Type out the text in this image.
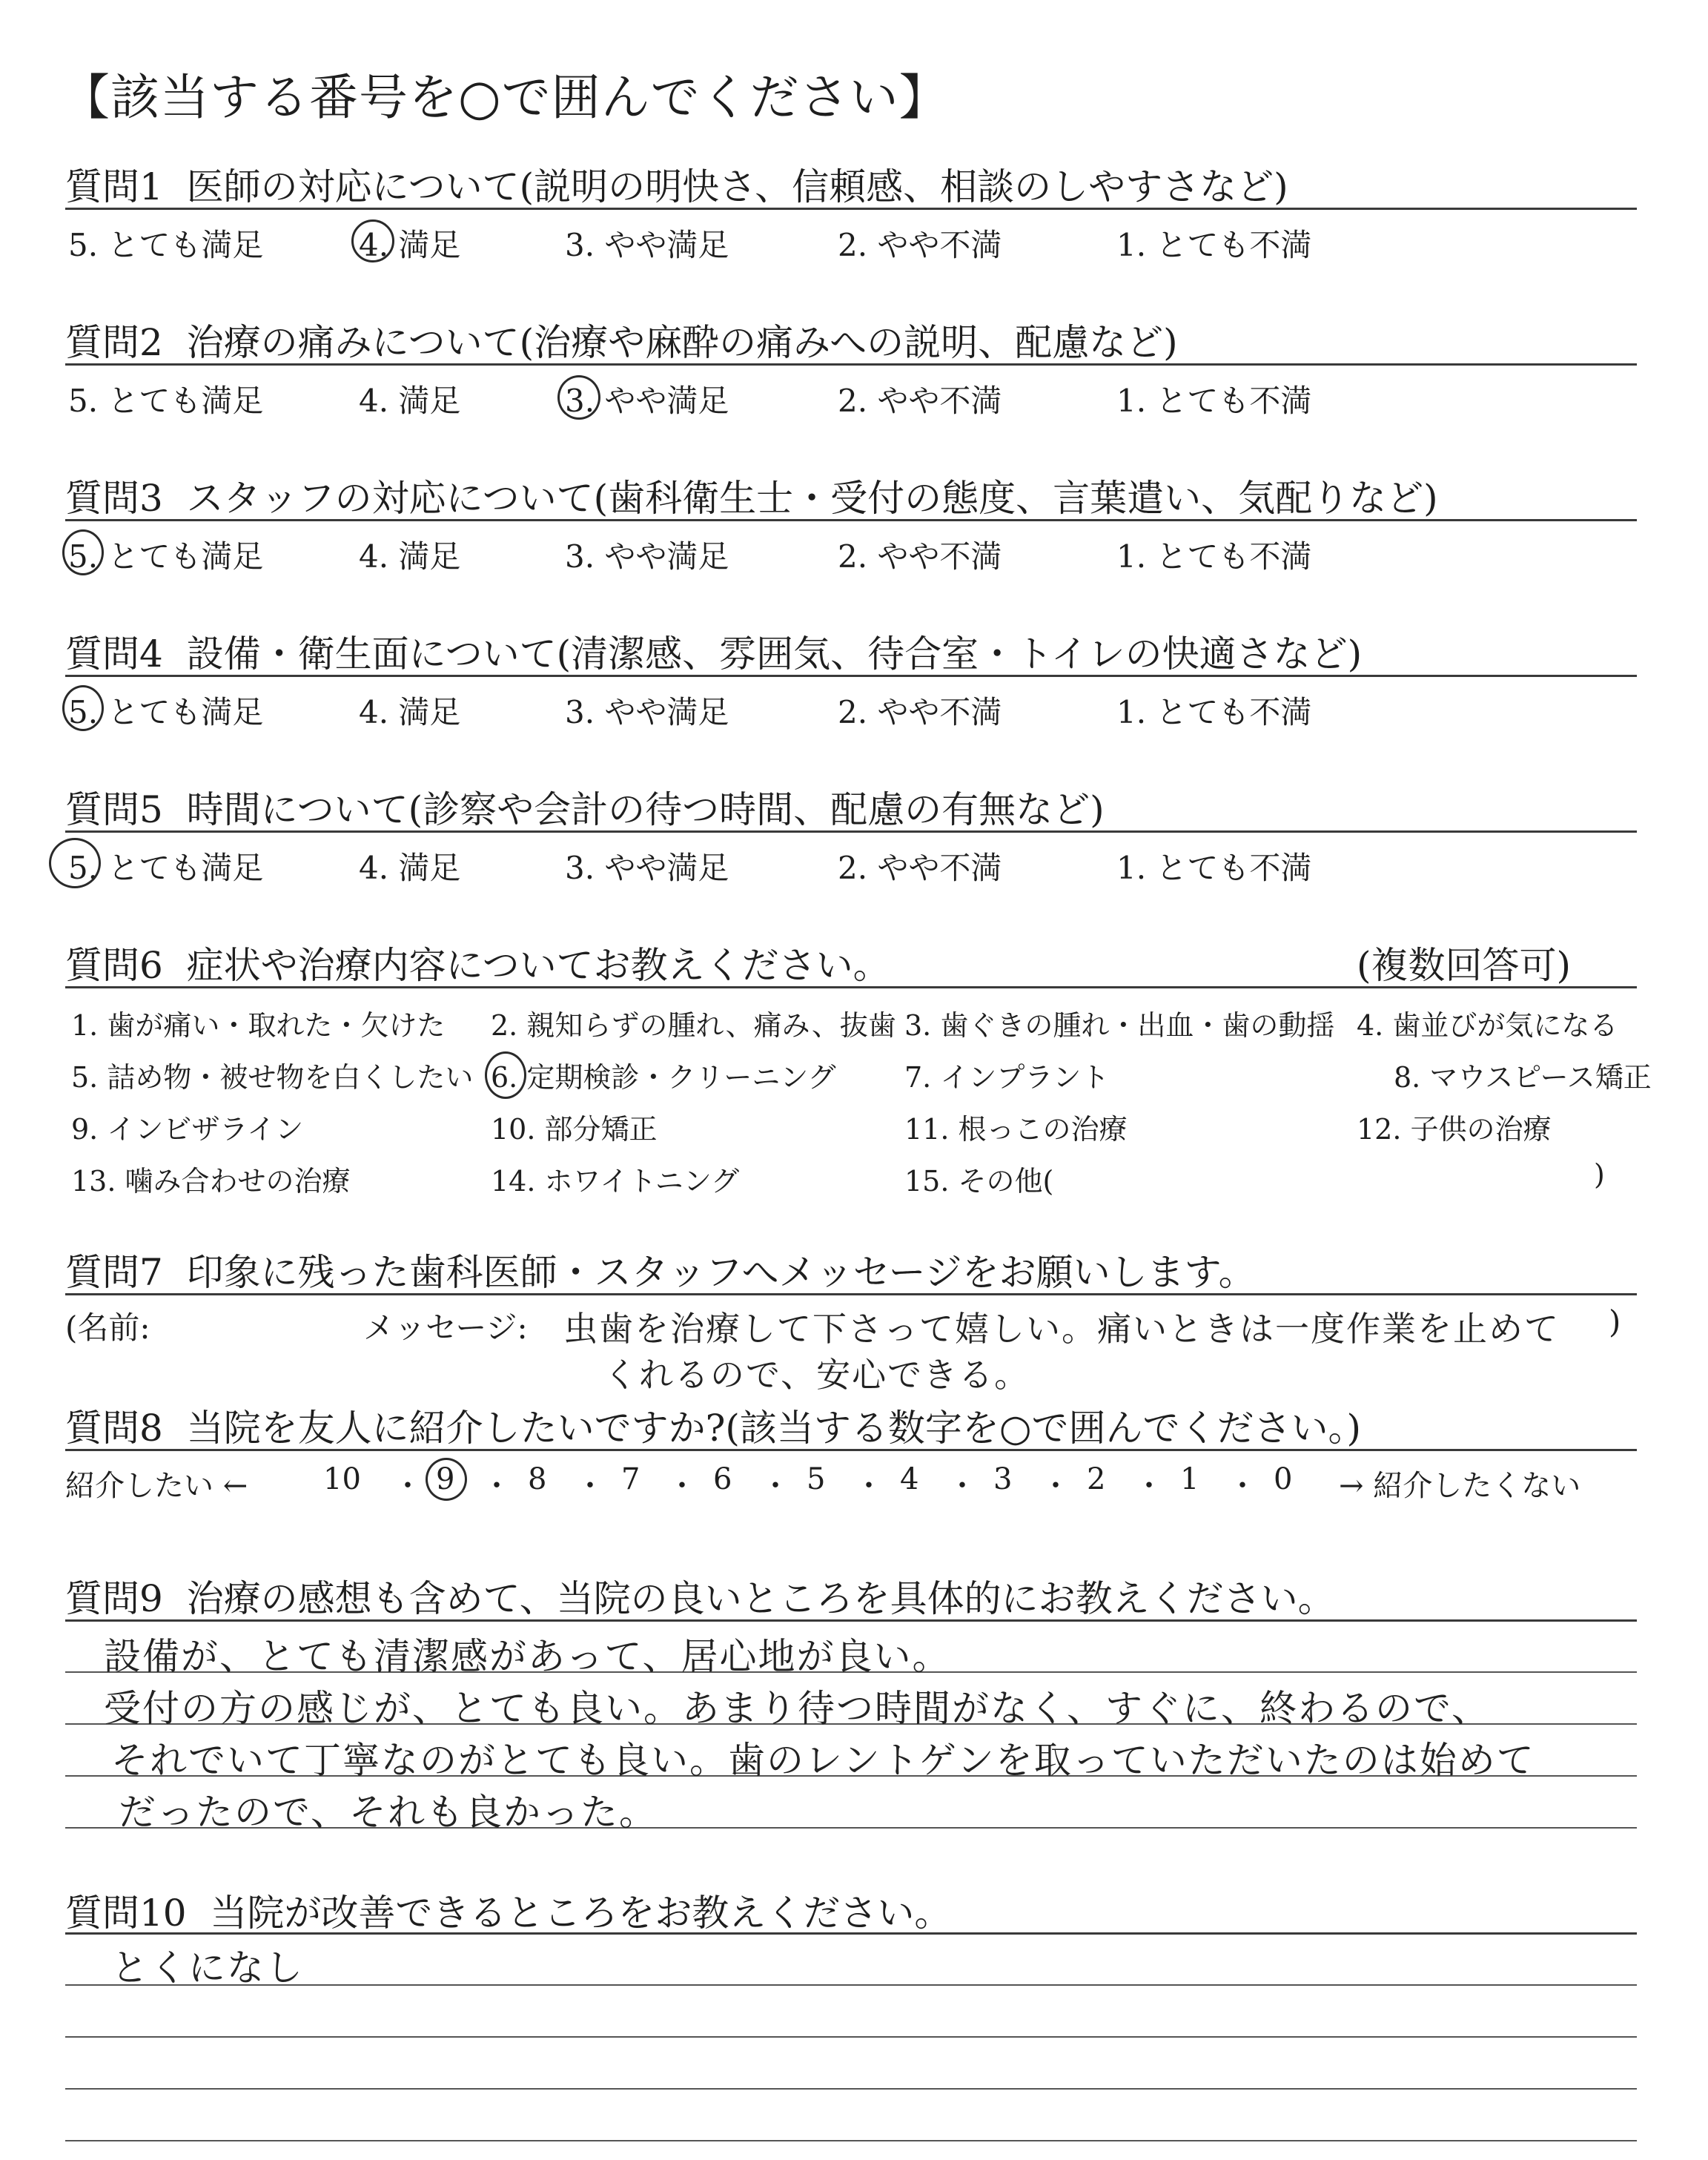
【該当する番号を○で囲んでください】
質問1 医師の対応について(説明の明快さ、信頼感、相談のしやすさなど)
5. とても満足	4. 満足	3. やや満足	2. やや不満	1. とても不満
質問2 治療の痛みについて(治療や麻酔の痛みへの説明、配慮など)
5. とても満足	4. 満足	3. やや満足	2. やや不満	1. とても不満
質問3 スタッフの対応について(歯科衛生士・受付の態度、言葉遣い、気配りなど)
5. とても満足	4. 満足	3. やや満足	2. やや不満	1. とても不満
質問4 設備・衛生面について(清潔感、雰囲気、待合室・トイレの快適さなど)
5. とても満足	4. 満足	3. やや満足	2. やや不満	1. とても不満
質問5 時間について(診察や会計の待つ時間、配慮の有無など)
5. とても満足	4. 満足	3. やや満足	2. やや不満	1. とても不満
質問6 症状や治療内容についてお教えください。	(複数回答可)
1. 歯が痛い・取れた・欠けた 2. 親知らずの腫れ、痛み、抜歯 3. 歯ぐきの腫れ・出血・歯の動揺 4. 歯並びが気になる
5. 詰め物・被せ物を白くしたい 6. 定期検診・クリーニング 7. インプラント	8. マウスピース矯正
9. インビザライン	10. 部分矯正	11. 根っこの治療	12. 子供の治療
13. 噛み合わせの治療	14. ホワイトニング	15. その他(	)
質問7 印象に残った歯科医師・スタッフへメッセージをお願いします。
(名前:	メッセージ:	)
虫歯を治療して下さって嬉しい。痛いときは一度作業を止めて
くれるので、安心できる。
質問8 当院を友人に紹介したいですか?(該当する数字を○で囲んでください。)
紹介したい ←	→ 紹介したくない
10 ・ 9 ・ 8 ・ 7 ・ 6 ・ 5 ・ 4 ・ 3 ・ 2 ・ 1 ・ 0
質問9 治療の感想も含めて、当院の良いところを具体的にお教えください。
設備が、とても清潔感があって、居心地が良い。
受付の方の感じが、とても良い。あまり待つ時間がなく、すぐに、終わるので、
それでいて丁寧なのがとても良い。歯のレントゲンを取っていただいたのは始めて
だったので、それも良かった。
質問10 当院が改善できるところをお教えください。
とくになし
